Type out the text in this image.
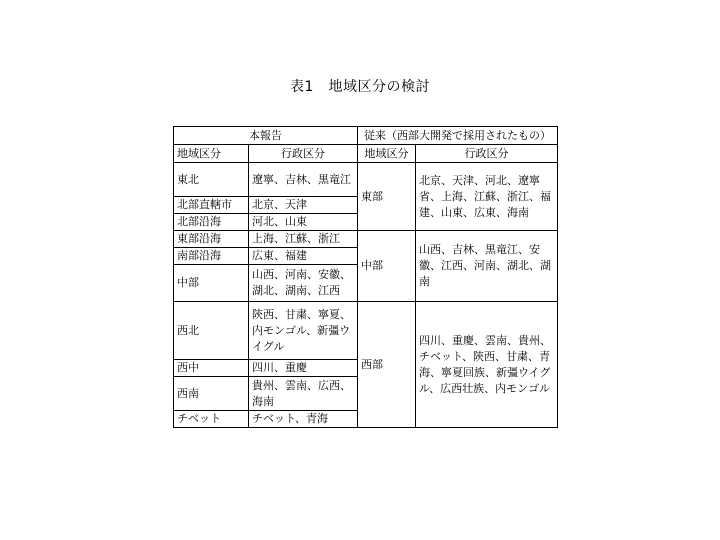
表1　地域区分の検討
本報告		従来（西部大開発で採用されたもの）	
地域区分	行政区分	地域区分	行政区分
東北	遼寧、吉林、黒竜江	東部	北京、天津、河北、遼寧省、上海、江蘇、浙江、福建、山東、広東、海南
北部直轄市	北京、天津		
北部沿海	河北、山東		
東部沿海	上海、江蘇、浙江	中部	山西、吉林、黒竜江、安徽、江西、河南、湖北、湖南
南部沿海	広東、福建		
中部	山西、河南、安徽、湖北、湖南、江西		
西北	陝西、甘粛、寧夏、内モンゴル、新彊ウイグル	西部	四川、重慶、雲南、貴州、チベット、陝西、甘粛、青海、寧夏回族、新彊ウイグル、広西壮族、内モンゴル
西中	四川、重慶		
西南	貴州、雲南、広西、海南		
チベット	チベット、青海		
